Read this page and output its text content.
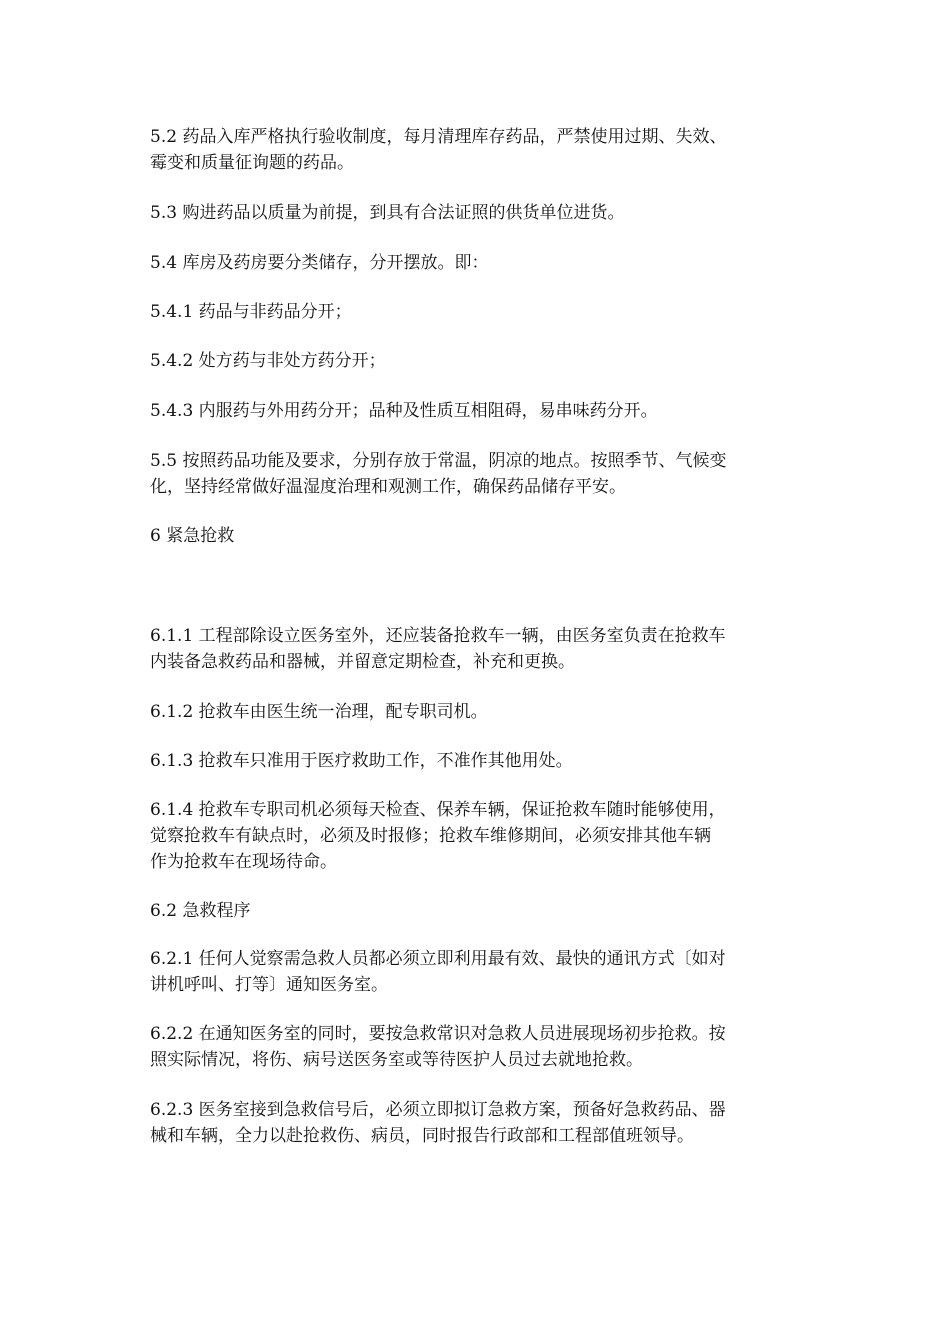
5.2 药品入库严格执行验收制度，每月清理库存药品，严禁使用过期、失效、
霉变和质量征询题的药品。

5.3 购进药品以质量为前提，到具有合法证照的供货单位进货。

5.4 库房及药房要分类储存，分开摆放。即：

5.4.1 药品与非药品分开；

5.4.2 处方药与非处方药分开；

5.4.3 内服药与外用药分开；品种及性质互相阻碍，易串味药分开。

5.5 按照药品功能及要求，分别存放于常温，阴凉的地点。按照季节、气候变
化，坚持经常做好温湿度治理和观测工作，确保药品储存平安。

6 紧急抢救

6.1.1 工程部除设立医务室外，还应装备抢救车一辆，由医务室负责在抢救车
内装备急救药品和器械，并留意定期检查，补充和更换。

6.1.2 抢救车由医生统一治理，配专职司机。

6.1.3 抢救车只准用于医疗救助工作，不准作其他用处。

6.1.4 抢救车专职司机必须每天检查、保养车辆，保证抢救车随时能够使用，
觉察抢救车有缺点时，必须及时报修；抢救车维修期间，必须安排其他车辆
作为抢救车在现场待命。

6.2 急救程序

6.2.1 任何人觉察需急救人员都必须立即利用最有效、最快的通讯方式〔如对
讲机呼叫、打等〕通知医务室。

6.2.2 在通知医务室的同时，要按急救常识对急救人员进展现场初步抢救。按
照实际情况，将伤、病号送医务室或等待医护人员过去就地抢救。

6.2.3 医务室接到急救信号后，必须立即拟订急救方案，预备好急救药品、器
械和车辆，全力以赴抢救伤、病员，同时报告行政部和工程部值班领导。
